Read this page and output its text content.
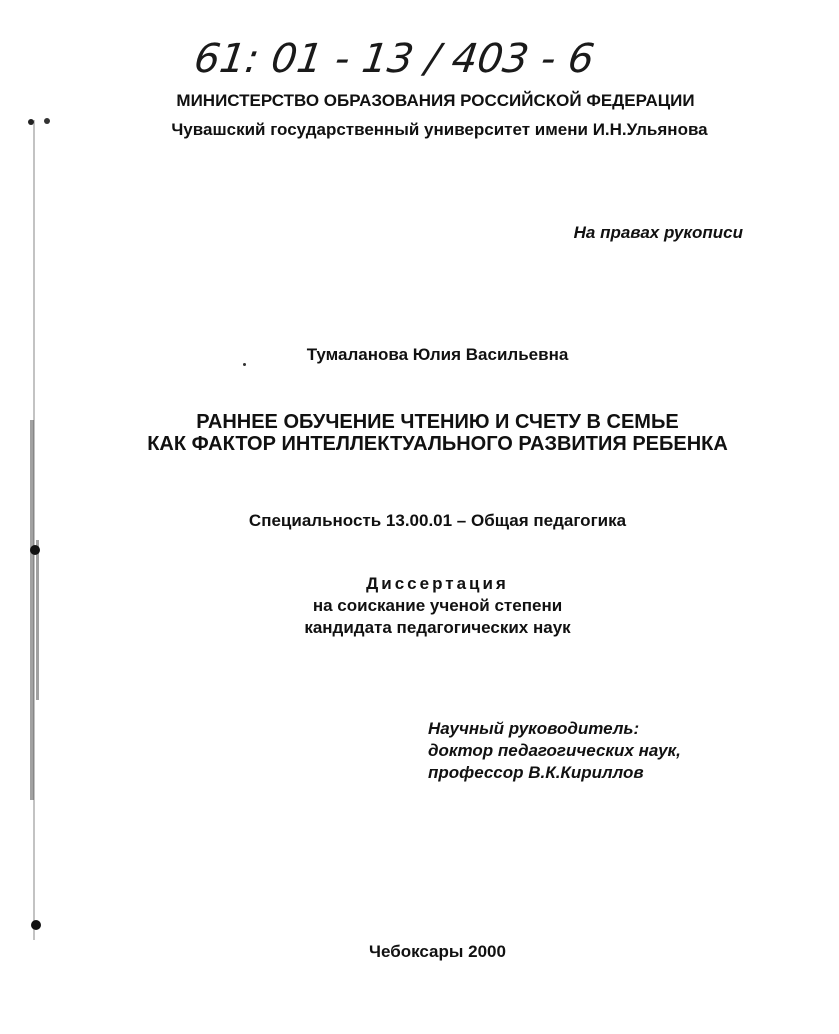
61: 01 - 13 / 403 - 6
МИНИСТЕРСТВО ОБРАЗОВАНИЯ РОССИЙСКОЙ ФЕДЕРАЦИИ
Чувашский государственный университет имени И.Н.Ульянова
На правах рукописи
Тумаланова Юлия Васильевна
РАННЕЕ ОБУЧЕНИЕ ЧТЕНИЮ И СЧЕТУ В СЕМЬЕ
КАК ФАКТОР ИНТЕЛЛЕКТУАЛЬНОГО РАЗВИТИЯ РЕБЕНКА
Специальность 13.00.01 – Общая педагогика
Диссертация
на соискание ученой степени
кандидата педагогических наук
Научный руководитель:
доктор педагогических наук,
профессор В.К.Кириллов
Чебоксары 2000
